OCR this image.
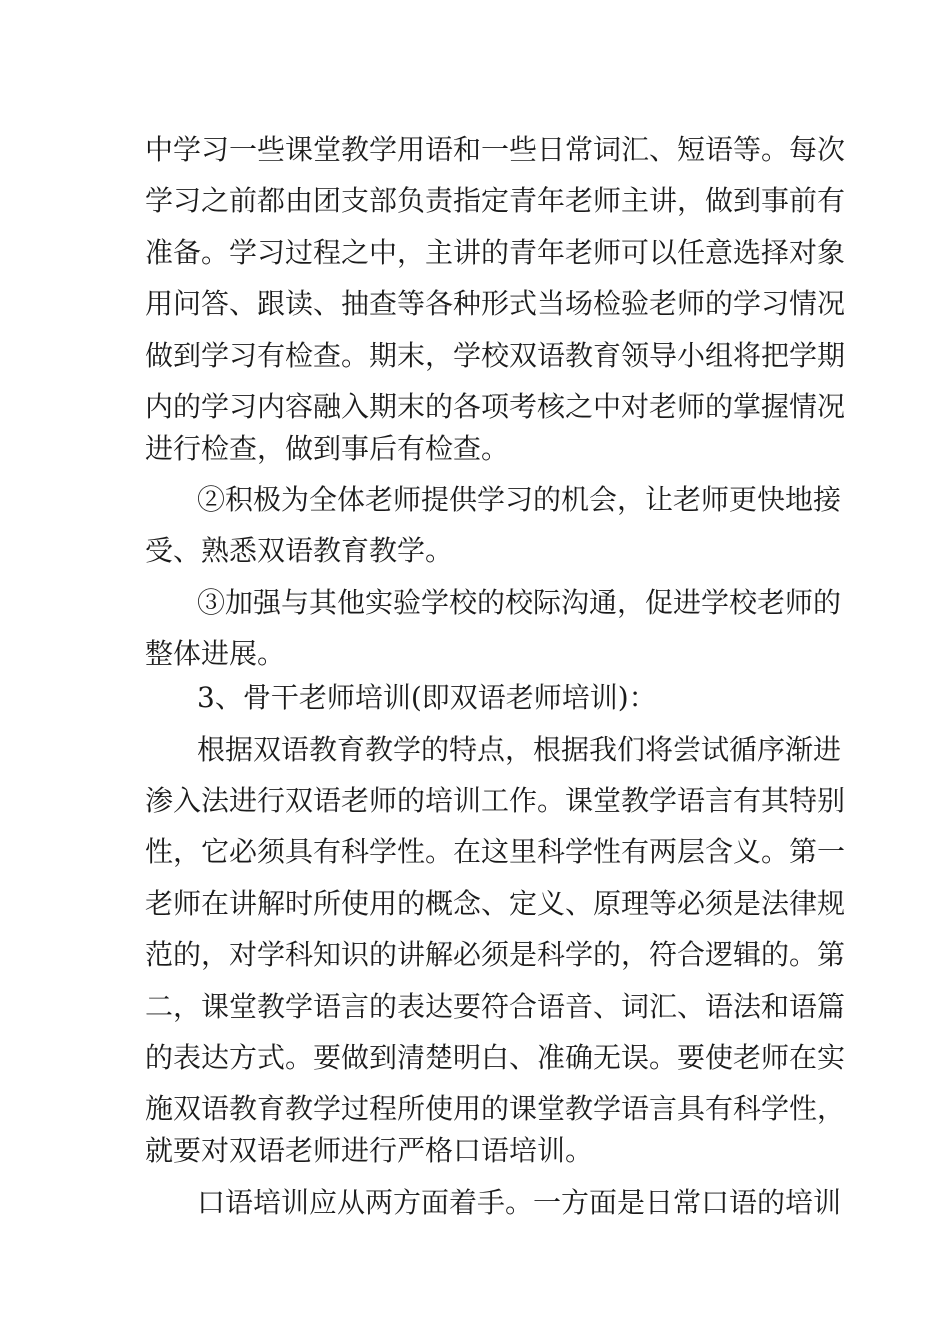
中学习一些课堂教学用语和一些日常词汇、短语等。每次
学习之前都由团支部负责指定青年老师主讲，做到事前有
准备。学习过程之中，主讲的青年老师可以任意选择对象
用问答、跟读、抽查等各种形式当场检验老师的学习情况
做到学习有检查。期末，学校双语教育领导小组将把学期
内的学习内容融入期末的各项考核之中对老师的掌握情况
进行检查，做到事后有检查。
②积极为全体老师提供学习的机会，让老师更快地接
受、熟悉双语教育教学。
③加强与其他实验学校的校际沟通，促进学校老师的
整体进展。
3、骨干老师培训(即双语老师培训)：
根据双语教育教学的特点，根据我们将尝试循序渐进
渗入法进行双语老师的培训工作。课堂教学语言有其特别
性，它必须具有科学性。在这里科学性有两层含义。第一
老师在讲解时所使用的概念、定义、原理等必须是法律规
范的，对学科知识的讲解必须是科学的，符合逻辑的。第
二，课堂教学语言的表达要符合语音、词汇、语法和语篇
的表达方式。要做到清楚明白、准确无误。要使老师在实
施双语教育教学过程所使用的课堂教学语言具有科学性，
就要对双语老师进行严格口语培训。
口语培训应从两方面着手。一方面是日常口语的培训
